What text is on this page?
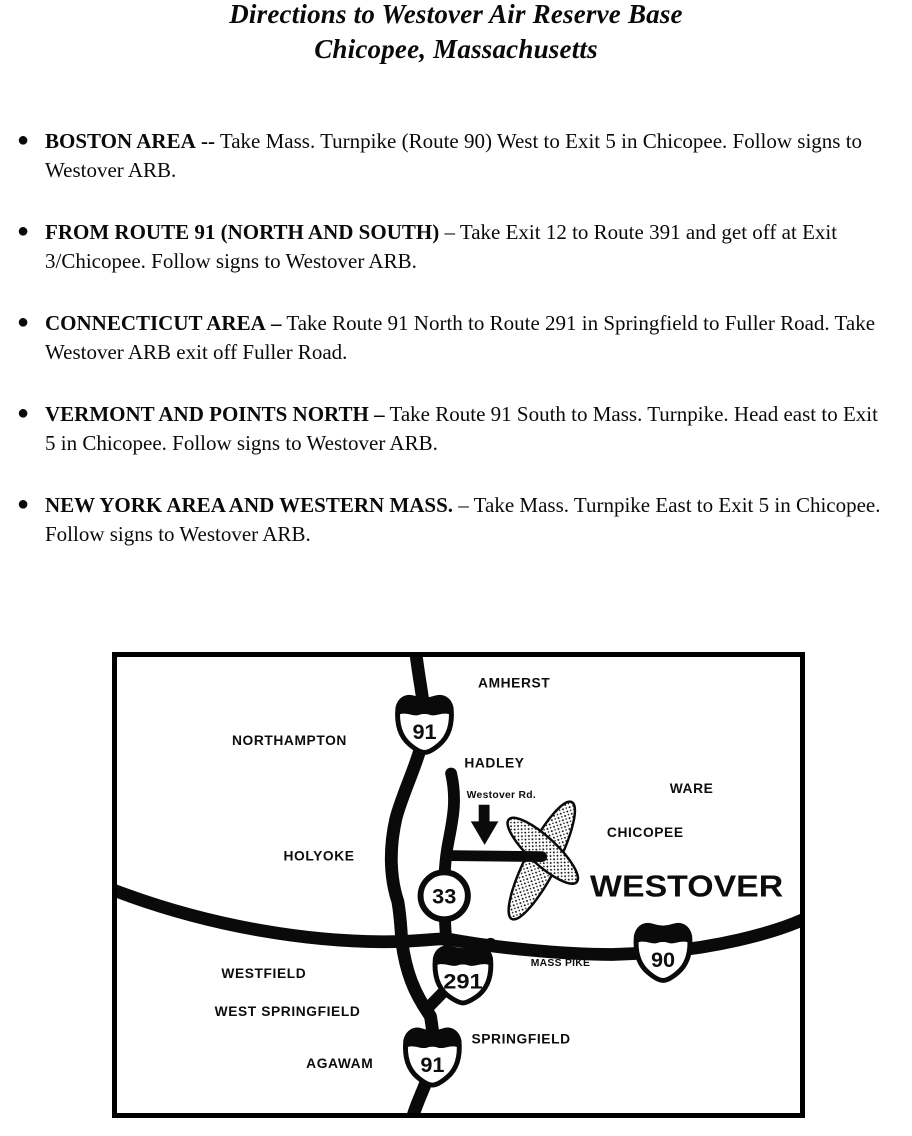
Directions to Westover Air Reserve Base
Chicopee, Massachusetts
● BOSTON AREA -- Take Mass. Turnpike (Route 90) West to Exit 5 in Chicopee. Follow signs to Westover ARB.
● FROM ROUTE 91 (NORTH AND SOUTH) – Take Exit 12 to Route 391 and get off at Exit 3/Chicopee. Follow signs to Westover ARB.
● CONNECTICUT AREA – Take Route 91 North to Route 291 in Springfield to Fuller Road. Take Westover ARB exit off Fuller Road.
● VERMONT AND POINTS NORTH – Take Route 91 South to Mass. Turnpike. Head east to Exit 5 in Chicopee. Follow signs to Westover ARB.
● NEW YORK AREA AND WESTERN MASS. – Take Mass. Turnpike East to Exit 5 in Chicopee. Follow signs to Westover ARB.
91
33
291
90
91
AMHERST
NORTHAMPTON
HADLEY
WARE
CHICOPEE
HOLYOKE
WESTFIELD
WEST SPRINGFIELD
AGAWAM
SPRINGFIELD
Westover Rd.
MASS PIKE
WESTOVER
